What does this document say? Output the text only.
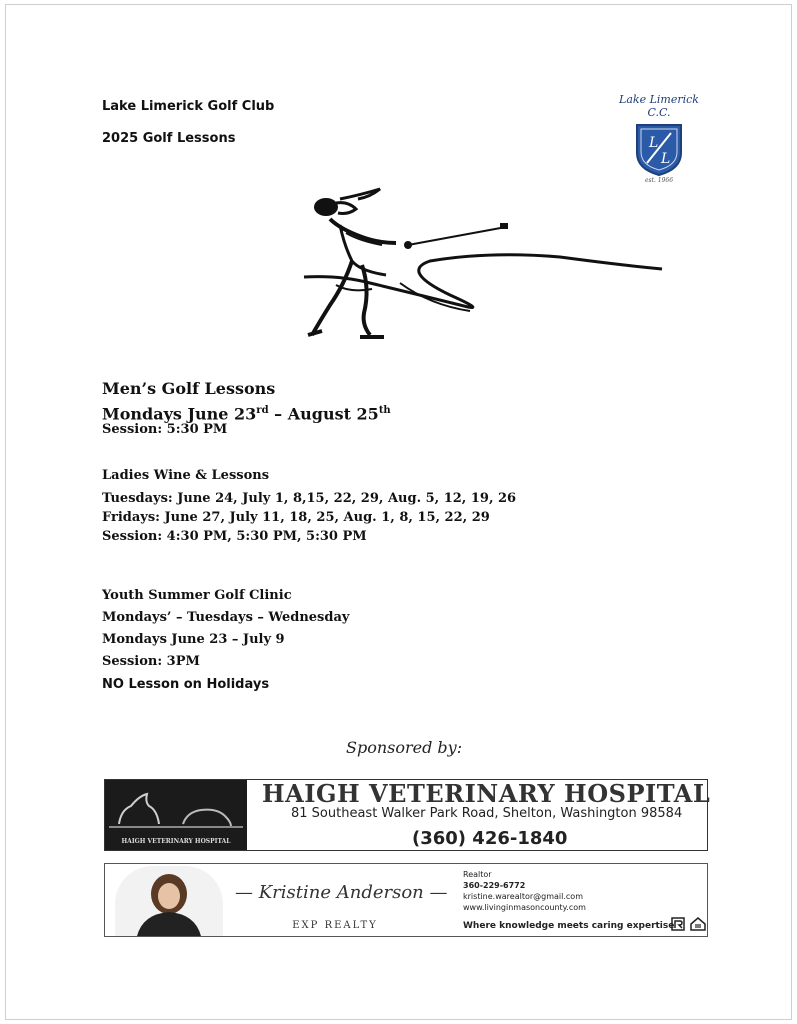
Lake Limerick Golf Club
2025 Golf Lessons
Lake Limerick C.C.
L
L
est. 1966
Men’s Golf Lessons
Mondays June 23rd – August 25th
Session: 5:30 PM
Ladies Wine & Lessons
Tuesdays: June 24, July 1, 8,15, 22, 29, Aug. 5, 12, 19, 26
Fridays: June 27, July 11, 18, 25, Aug. 1, 8, 15, 22, 29
Session: 4:30 PM, 5:30 PM, 5:30 PM
Youth Summer Golf Clinic
Mondays’ – Tuesdays – Wednesday
Mondays June 23 – July 9
Session: 3PM
NO Lesson on Holidays
Sponsored by:
HAIGH VETERINARY HOSPITAL
HAIGH VETERINARY HOSPITAL
81 Southeast Walker Park Road, Shelton, Washington 98584
(360) 426-1840
— Kristine Anderson —
EXP REALTY
Realtor
360-229-6772
kristine.warealtor@gmail.com
www.livinginmasoncounty.com
Where knowledge meets caring expertise
